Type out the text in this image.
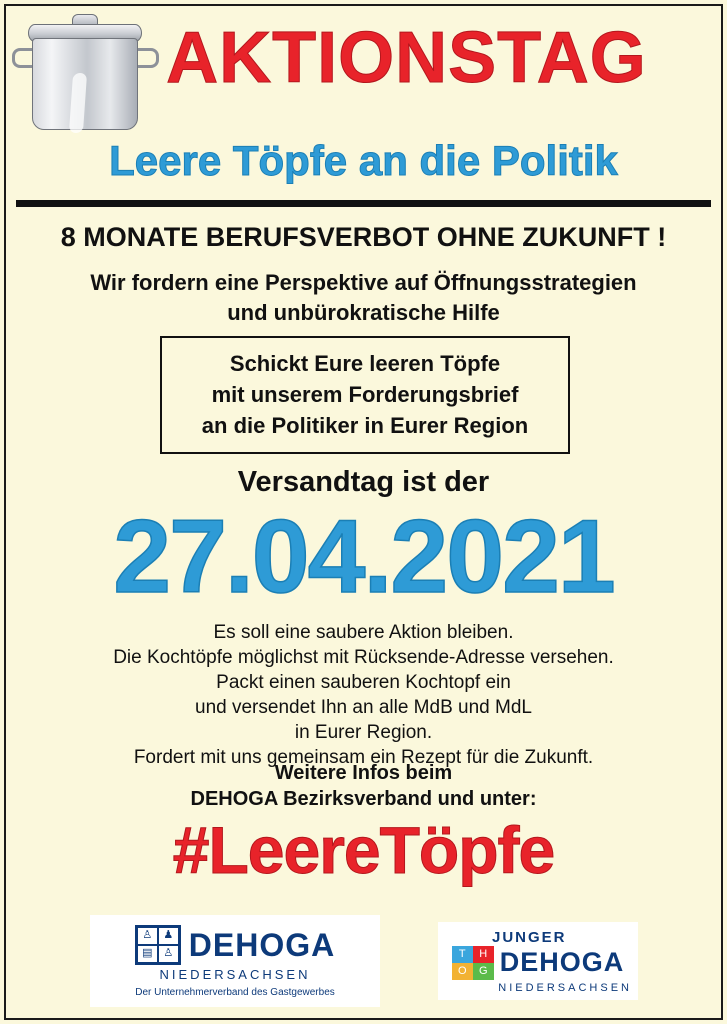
AKTIONSTAG
Leere Töpfe an die Politik
8 MONATE BERUFSVERBOT OHNE ZUKUNFT !
Wir fordern eine Perspektive auf Öffnungsstrategien
und unbürokratische Hilfe
Schickt Eure leeren Töpfe
mit unserem Forderungsbrief
an die Politiker in Eurer Region
Versandtag ist der
27.04.2021
Es soll eine saubere Aktion bleiben.
Die Kochtöpfe möglichst mit Rücksende-Adresse versehen.
Packt einen sauberen Kochtopf ein
und versendet Ihn an alle MdB und MdL
in Eurer Region.
Fordert mit uns gemeinsam ein Rezept für die Zukunft.
Weitere Infos beim
DEHOGA Bezirksverband und unter:
#LeereTöpfe
♙	♟
▤ ♙ DEHOGA
NIEDERSACHSEN
Der Unternehmerverband des Gastgewerbes
JUNGER
T	H
O	G DEHOGA
NIEDERSACHSEN
